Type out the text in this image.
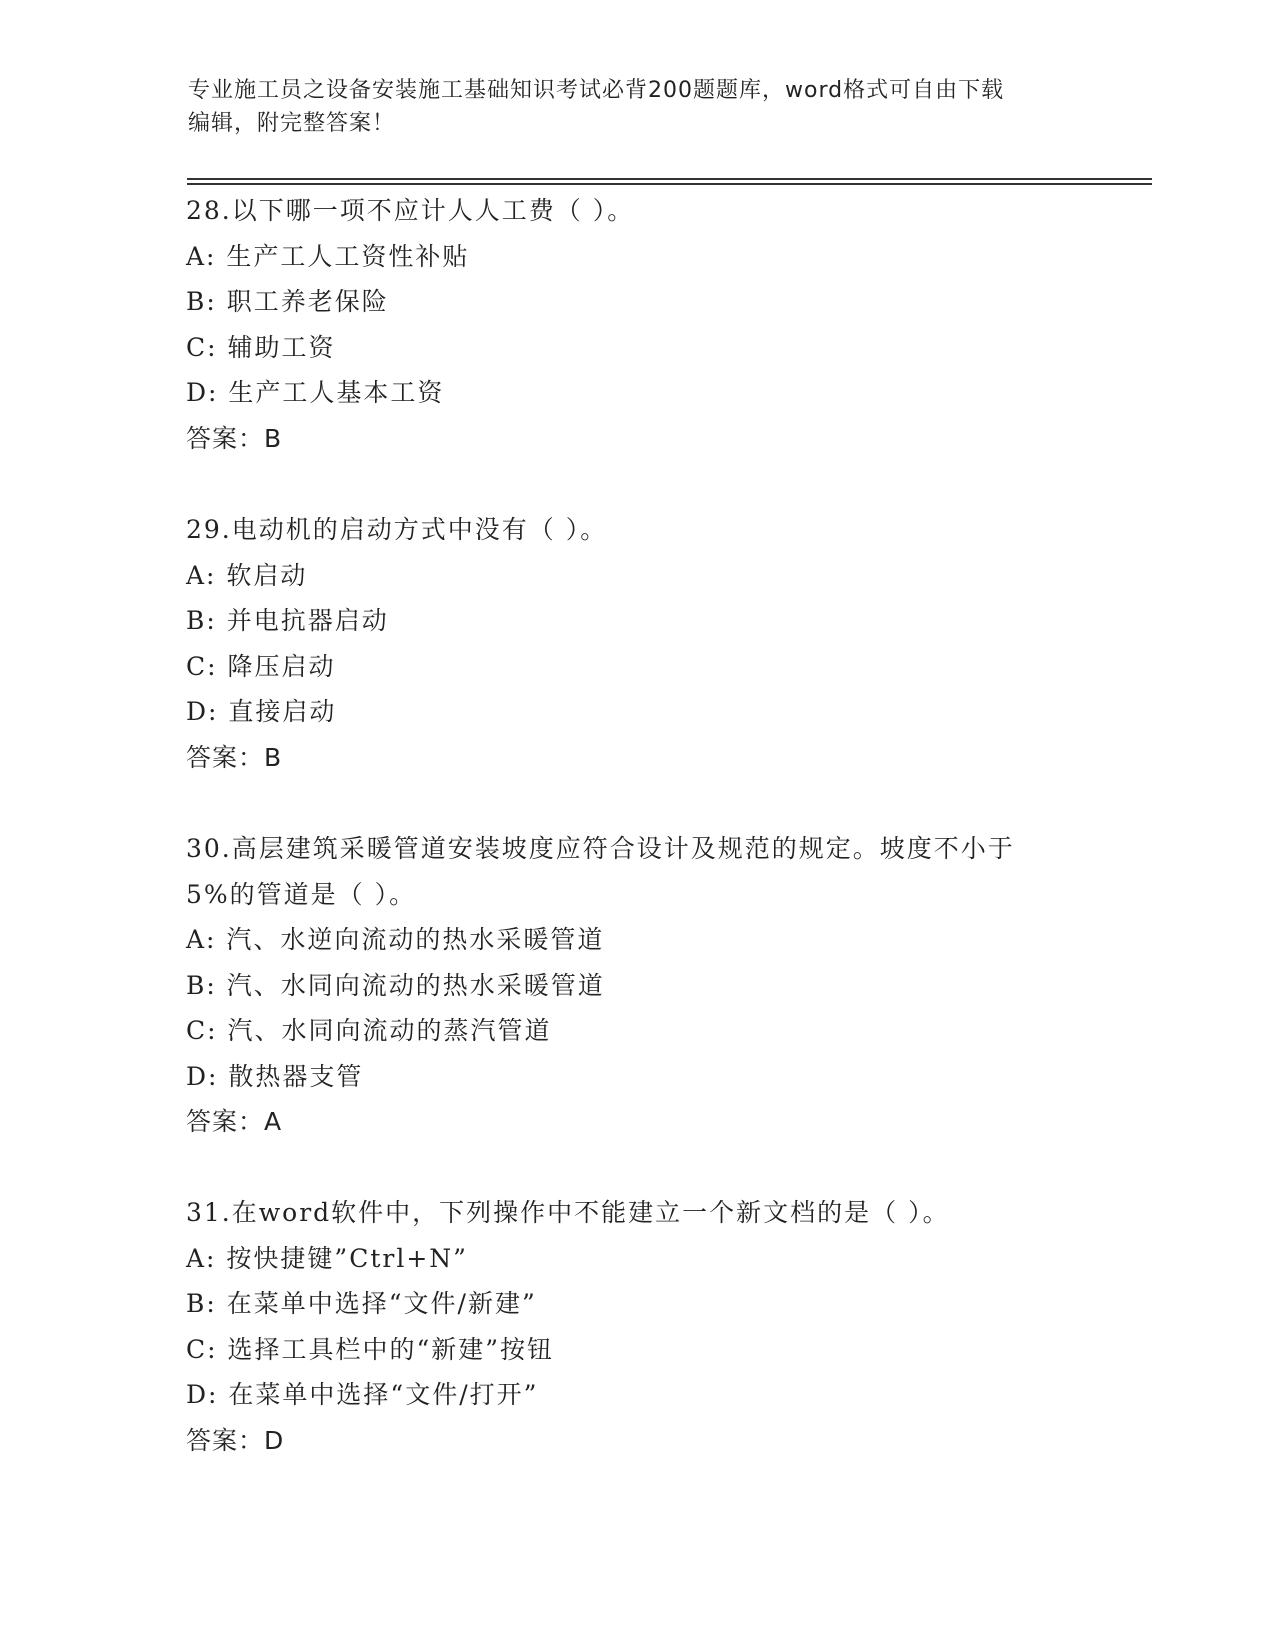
专业施工员之设备安装施工基础知识考试必背200题题库，word格式可自由下载
编辑，附完整答案！
28.以下哪一项不应计人人工费（ ）。
A: 生产工人工资性补贴
B: 职工养老保险
C: 辅助工资
D: 生产工人基本工资
答案：B
29.电动机的启动方式中没有（ ）。
A: 软启动
B: 并电抗器启动
C: 降压启动
D: 直接启动
答案：B
30.高层建筑采暖管道安装坡度应符合设计及规范的规定。坡度不小于
5%的管道是（ ）。
A: 汽、水逆向流动的热水采暖管道
B: 汽、水同向流动的热水采暖管道
C: 汽、水同向流动的蒸汽管道
D: 散热器支管
答案：A
31.在word软件中，下列操作中不能建立一个新文档的是（ ）。
A: 按快捷键”Ctrl+N”
B: 在菜单中选择“文件/新建”
C: 选择工具栏中的“新建”按钮
D: 在菜单中选择“文件/打开”
答案：D
